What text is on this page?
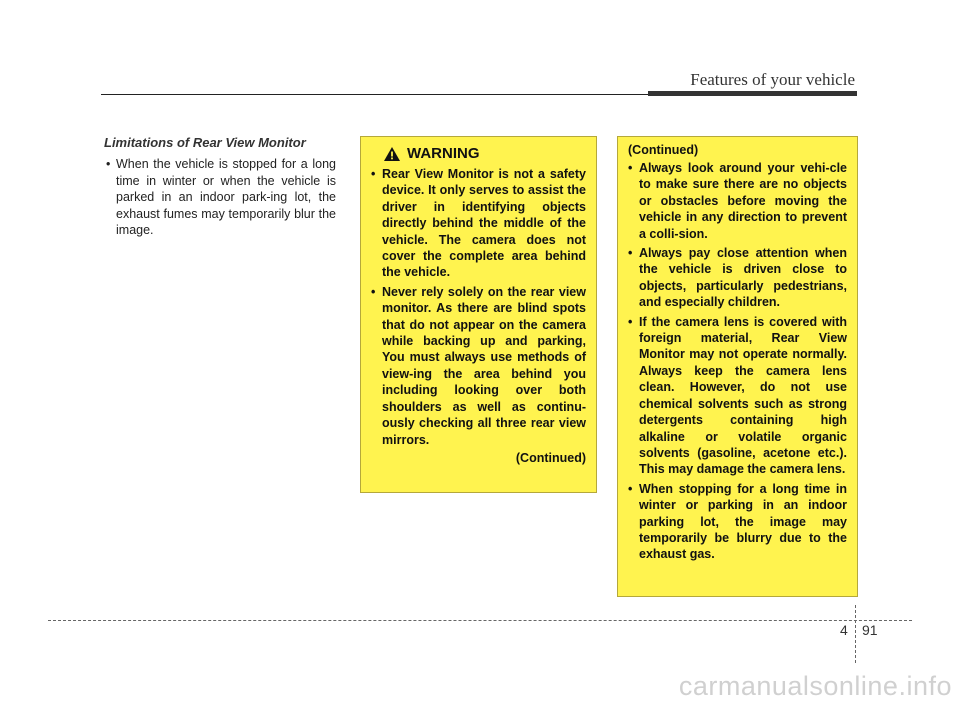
Features of your vehicle
Limitations of Rear View Monitor
• When the vehicle is stopped for a long time in winter or when the vehicle is parked in an indoor park-ing lot, the exhaust fumes may temporarily blur the image.
WARNING
• Rear View Monitor is not a safety device. It only serves to assist the driver in identifying objects directly behind the middle of the vehicle. The camera does not cover the complete area behind the vehicle.
• Never rely solely on the rear view monitor. As there are blind spots that do not appear on the camera while backing up and parking, You must always use methods of view-ing the area behind you including looking over both shoulders as well as continu-ously checking all three rear view mirrors.
(Continued)
(Continued)
• Always look around your vehi-cle to make sure there are no objects or obstacles before moving the vehicle in any direction to prevent a colli-sion.
• Always pay close attention when the vehicle is driven close to objects, particularly pedestrians, and especially children.
• If the camera lens is covered with foreign material, Rear View Monitor may not operate normally. Always keep the camera lens clean. However, do not use chemical solvents such as strong detergents containing high alkaline or volatile organic solvents (gasoline, acetone etc.). This may damage the camera lens.
• When stopping for a long time in winter or parking in an indoor parking lot, the image may temporarily be blurry due to the exhaust gas.
4 91
carmanualsonline.info
